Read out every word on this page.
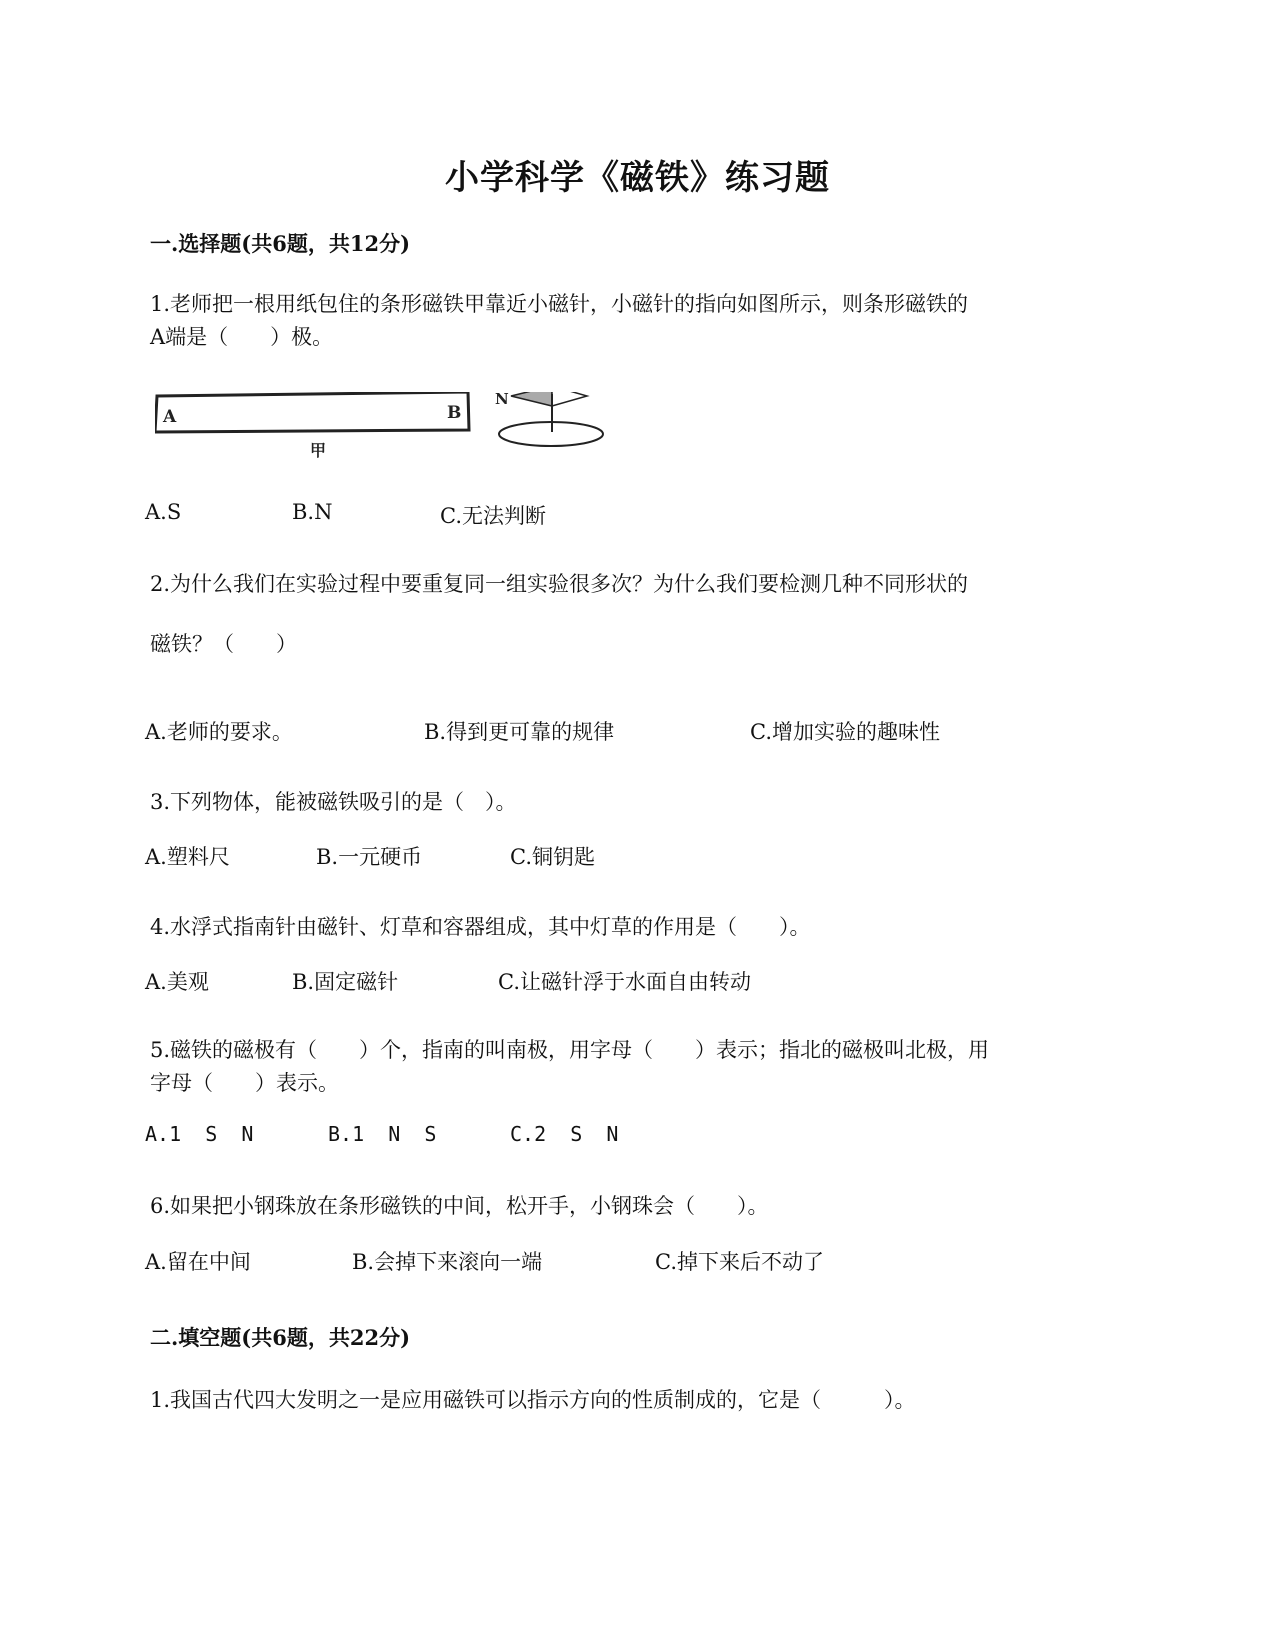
小学科学《磁铁》练习题
一.选择题(共6题，共12分)
1.老师把一根用纸包住的条形磁铁甲靠近小磁针，小磁针的指向如图所示，则条形磁铁的
A端是（　　）极。
A	B
甲
N
A.S	B.N	C.无法判断
2.为什么我们在实验过程中要重复同一组实验很多次？为什么我们要检测几种不同形状的
磁铁？（　　）
A.老师的要求。	B.得到更可靠的规律	C.增加实验的趣味性
3.下列物体，能被磁铁吸引的是（　）。
A.塑料尺	B.一元硬币	C.铜钥匙
4.水浮式指南针由磁针、灯草和容器组成，其中灯草的作用是（　　）。
A.美观	B.固定磁针	C.让磁针浮于水面自由转动
5.磁铁的磁极有（　　）个，指南的叫南极，用字母（　　）表示；指北的磁极叫北极，用
字母（　　）表示。
A.1  S  N	B.1  N  S	C.2  S  N
6.如果把小钢珠放在条形磁铁的中间，松开手，小钢珠会（　　）。
A.留在中间	B.会掉下来滚向一端	C.掉下来后不动了
二.填空题(共6题，共22分)
1.我国古代四大发明之一是应用磁铁可以指示方向的性质制成的，它是（　　　）。
